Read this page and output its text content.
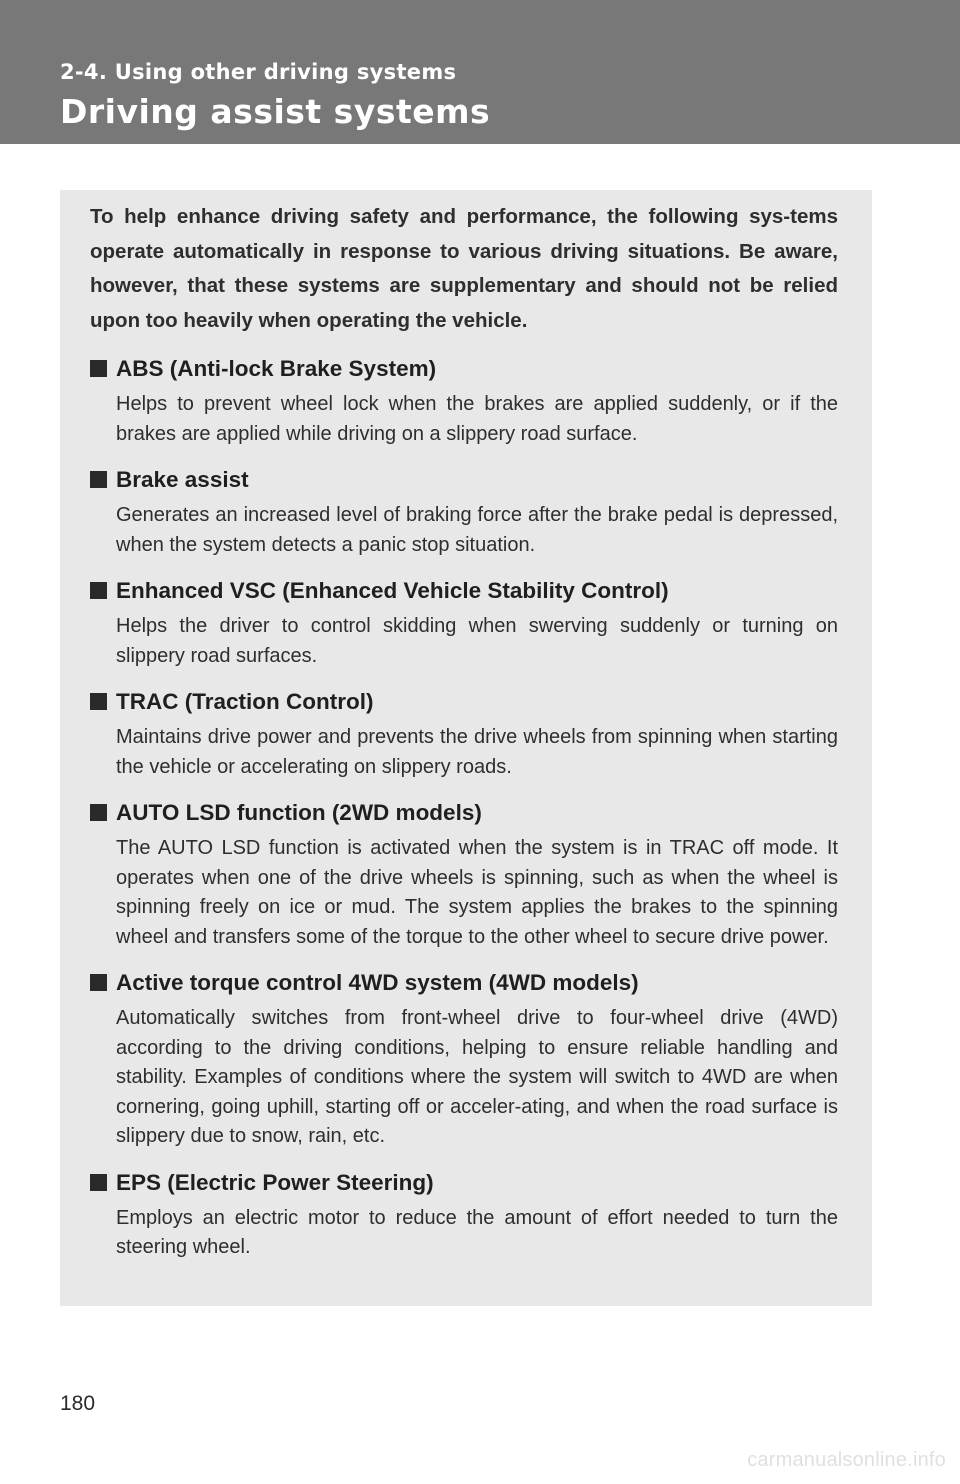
2-4. Using other driving systems
Driving assist systems

To help enhance driving safety and performance, the following sys-tems operate automatically in response to various driving situations. Be aware, however, that these systems are supplementary and should not be relied upon too heavily when operating the vehicle.

ABS (Anti-lock Brake System)

Helps to prevent wheel lock when the brakes are applied suddenly, or if the brakes are applied while driving on a slippery road surface.

Brake assist

Generates an increased level of braking force after the brake pedal is depressed, when the system detects a panic stop situation.

Enhanced VSC (Enhanced Vehicle Stability Control)

Helps the driver to control skidding when swerving suddenly or turning on slippery road surfaces.

TRAC (Traction Control)

Maintains drive power and prevents the drive wheels from spinning when starting the vehicle or accelerating on slippery roads.

AUTO LSD function (2WD models)

The AUTO LSD function is activated when the system is in TRAC off mode. It operates when one of the drive wheels is spinning, such as when the wheel is spinning freely on ice or mud. The system applies the brakes to the spinning wheel and transfers some of the torque to the other wheel to secure drive power.

Active torque control 4WD system (4WD models)

Automatically switches from front-wheel drive to four-wheel drive (4WD) according to the driving conditions, helping to ensure reliable handling and stability. Examples of conditions where the system will switch to 4WD are when cornering, going uphill, starting off or acceler-ating, and when the road surface is slippery due to snow, rain, etc.

EPS (Electric Power Steering)

Employs an electric motor to reduce the amount of effort needed to turn the steering wheel.

180
carmanualsonline.info
